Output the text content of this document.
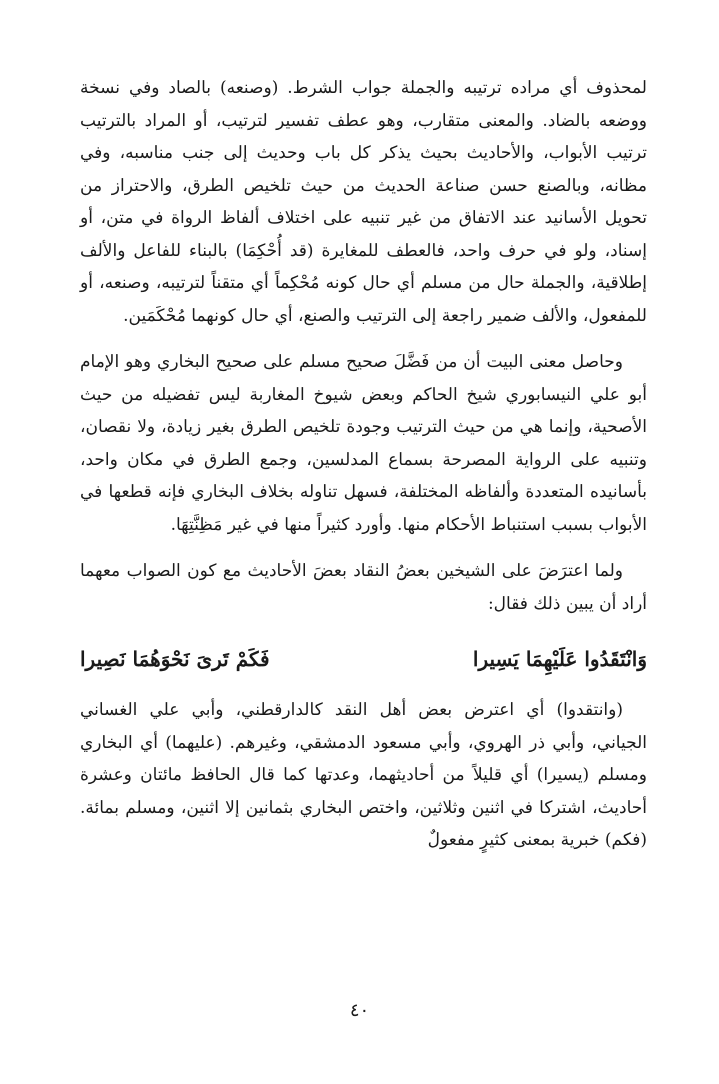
لمحذوف أي مراده ترتيبه والجملة جواب الشرط. (وصنعه) بالصاد وفي نسخة ووضعه بالضاد. والمعنى متقارب، وهو عطف تفسير لترتيب، أو المراد بالترتيب ترتيب الأبواب، والأحاديث بحيث يذكر كل باب وحديث إلى جنب مناسبه، وفي مظانه، وبالصنع حسن صناعة الحديث من حيث تلخيص الطرق، والاحتراز من تحويل الأسانيد عند الاتفاق من غير تنبيه على اختلاف ألفاظ الرواة في متن، أو إسناد، ولو في حرف واحد، فالعطف للمغايرة (قد أُحْكِمَا) بالبناء للفاعل والألف إطلاقية، والجملة حال من مسلم أي حال كونه مُحْكِماً أي متقناً لترتيبه، وصنعه، أو للمفعول، والألف ضمير راجعة إلى الترتيب والصنع، أي حال كونهما مُحْكَمَين.

وحاصل معنى البيت أن من فَضَّلَ صحيح مسلم على صحيح البخاري وهو الإمام أبو علي النيسابوري شيخ الحاكم وبعض شيوخ المغاربة ليس تفضيله من حيث الأصحية، وإنما هي من حيث الترتيب وجودة تلخيص الطرق بغير زيادة، ولا نقصان، وتنبيه على الرواية المصرحة بسماع المدلسين، وجمع الطرق في مكان واحد، بأسانيده المتعددة وألفاظه المختلفة، فسهل تناوله بخلاف البخاري فإنه قطعها في الأبواب بسبب استنباط الأحكام منها. وأورد كثيراً منها في غير مَظِنَّتِهَا.

ولما اعترَضَ على الشيخين بعضُ النقاد بعضَ الأحاديث مع كون الصواب معهما أراد أن يبين ذلك فقال:

وَانْتَقَدُوا عَلَيْهِمَا يَسِيرا
فَكَمْ تَرىَ نَحْوَهُمَا نَصِيرا

(وانتقدوا) أي اعترض بعض أهل النقد كالدارقطني، وأبي علي الغساني الجياني، وأبي ذر الهروي، وأبي مسعود الدمشقي، وغيرهم. (عليهما) أي البخاري ومسلم (يسيرا) أي قليلاً من أحاديثهما، وعدتها كما قال الحافظ مائتان وعشرة أحاديث، اشتركا في اثنين وثلاثين، واختص البخاري بثمانين إلا اثنين، ومسلم بمائة. (فكم) خبرية بمعنى كثيرٍ مفعولٌ

٤٠
